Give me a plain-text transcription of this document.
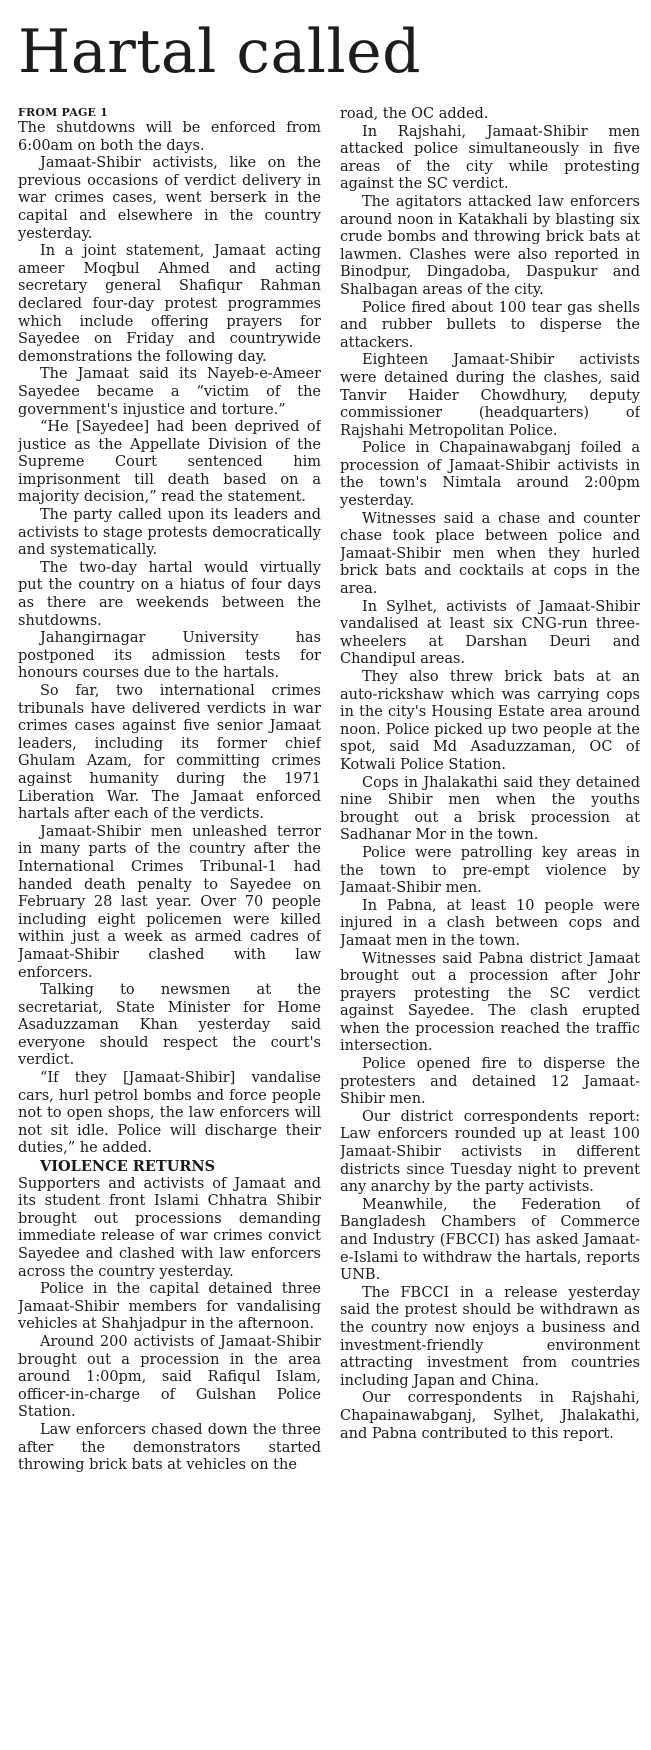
Hartal called
FROM PAGE 1

The shutdowns will be enforced from 6:00am on both the days.

Jamaat-Shibir activists, like on the previous occasions of verdict delivery in war crimes cases, went berserk in the capital and elsewhere in the country yesterday.

In a joint statement, Jamaat acting ameer Moqbul Ahmed and acting secretary general Shafiqur Rahman declared four-day protest programmes which include offering prayers for Sayedee on Friday and countrywide demonstrations the following day.

The Jamaat said its Nayeb-e-Ameer Sayedee became a “victim of the government's injustice and torture.”

“He [Sayedee] had been deprived of justice as the Appellate Division of the Supreme Court sentenced him imprisonment till death based on a majority decision,” read the statement.

The party called upon its leaders and activists to stage protests democratically and systematically.

The two-day hartal would virtually put the country on a hiatus of four days as there are weekends between the shutdowns.

Jahangirnagar University has postponed its admission tests for honours courses due to the hartals.

So far, two international crimes tribunals have delivered verdicts in war crimes cases against five senior Jamaat leaders, including its former chief Ghulam Azam, for committing crimes against humanity during the 1971 Liberation War. The Jamaat enforced hartals after each of the verdicts.

Jamaat-Shibir men unleashed terror in many parts of the country after the International Crimes Tribunal-1 had handed death penalty to Sayedee on February 28 last year. Over 70 people including eight policemen were killed within just a week as armed cadres of Jamaat-Shibir clashed with law enforcers.

Talking to newsmen at the secretariat, State Minister for Home Asaduzzaman Khan yesterday said everyone should respect the court's verdict.

“If they [Jamaat-Shibir] vandalise cars, hurl petrol bombs and force people not to open shops, the law enforcers will not sit idle. Police will discharge their duties,” he added.

VIOLENCE RETURNS

Supporters and activists of Jamaat and its student front Islami Chhatra Shibir brought out processions demanding immediate release of war crimes convict Sayedee and clashed with law enforcers across the country yesterday.

Police in the capital detained three Jamaat-Shibir members for vandalising vehicles at Shahjadpur in the afternoon.

Around 200 activists of Jamaat-Shibir brought out a procession in the area around 1:00pm, said Rafiqul Islam, officer-in-charge of Gulshan Police Station.

Law enforcers chased down the three after the demonstrators started throwing brick bats at vehicles on the

road, the OC added.

In Rajshahi, Jamaat-Shibir men attacked police simultaneously in five areas of the city while protesting against the SC verdict.

The agitators attacked law enforcers around noon in Katakhali by blasting six crude bombs and throwing brick bats at lawmen. Clashes were also reported in Binodpur, Dingadoba, Daspukur and Shalbagan areas of the city.

Police fired about 100 tear gas shells and rubber bullets to disperse the attackers.

Eighteen Jamaat-Shibir activists were detained during the clashes, said Tanvir Haider Chowdhury, deputy commissioner (headquarters) of Rajshahi Metropolitan Police.

Police in Chapainawabganj foiled a procession of Jamaat-Shibir activists in the town's Nimtala around 2:00pm yesterday.

Witnesses said a chase and counter chase took place between police and Jamaat-Shibir men when they hurled brick bats and cocktails at cops in the area.

In Sylhet, activists of Jamaat-Shibir vandalised at least six CNG-run three-wheelers at Darshan Deuri and Chandipul areas.

They also threw brick bats at an auto-rickshaw which was carrying cops in the city's Housing Estate area around noon. Police picked up two people at the spot, said Md Asaduzzaman, OC of Kotwali Police Station.

Cops in Jhalakathi said they detained nine Shibir men when the youths brought out a brisk procession at Sadhanar Mor in the town.

Police were patrolling key areas in the town to pre-empt violence by Jamaat-Shibir men.

In Pabna, at least 10 people were injured in a clash between cops and Jamaat men in the town.

Witnesses said Pabna district Jamaat brought out a procession after Johr prayers protesting the SC verdict against Sayedee. The clash erupted when the procession reached the traffic intersection.

Police opened fire to disperse the protesters and detained 12 Jamaat-Shibir men.

Our district correspondents report: Law enforcers rounded up at least 100 Jamaat-Shibir activists in different districts since Tuesday night to prevent any anarchy by the party activists.

Meanwhile, the Federation of Bangladesh Chambers of Commerce and Industry (FBCCI) has asked Jamaat-e-Islami to withdraw the hartals, reports UNB.

The FBCCI in a release yesterday said the protest should be withdrawn as the country now enjoys a business and investment-friendly environment attracting investment from countries including Japan and China.

Our correspondents in Rajshahi, Chapainawabganj, Sylhet, Jhalakathi, and Pabna contributed to this report.
